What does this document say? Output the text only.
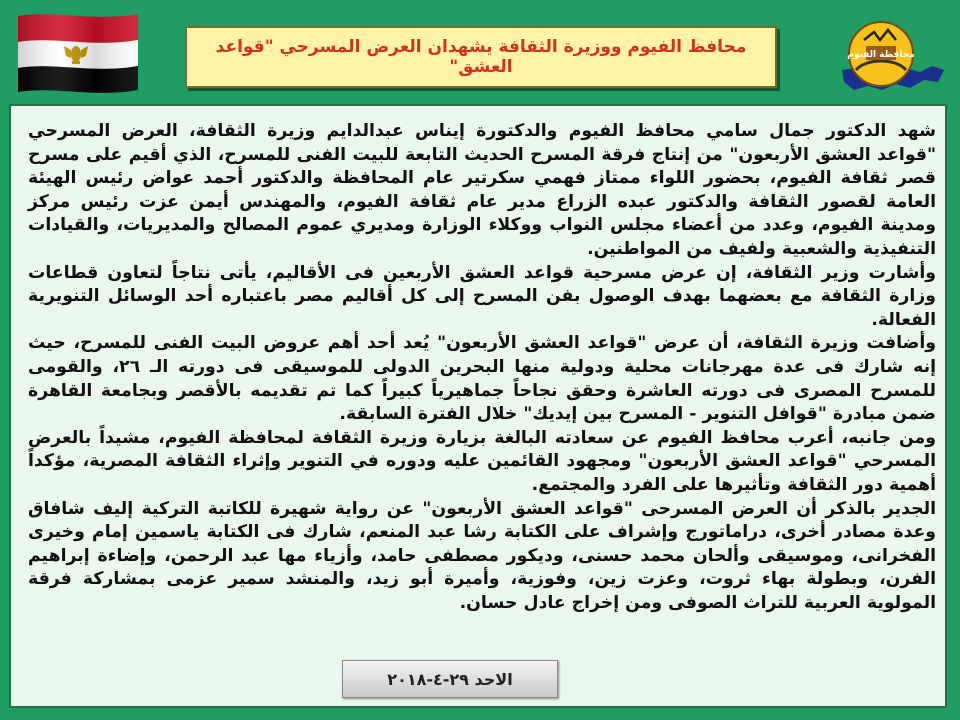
محافظ الفيوم ووزيرة الثقافة يشهدان العرض المسرحي "قواعد العشق"
محافظة الفيوم

شهد الدكتور جمال سامي محافظ الفيوم والدكتورة إيناس عبدالدايم وزيرة الثقافة، العرض المسرحي "قواعد العشق الأربعون" من إنتاج فرقة المسرح الحديث التابعة للبيت الفنى للمسرح، الذي أقيم على مسرح قصر ثقافة الفيوم، بحضور اللواء ممتاز فهمي سكرتير عام المحافظة والدكتور أحمد عواض رئيس الهيئة العامة لقصور الثقافة والدكتور عبده الزراع مدير عام ثقافة الفيوم، والمهندس أيمن عزت رئيس مركز ومدينة الفيوم، وعدد من أعضاء مجلس النواب ووكلاء الوزارة ومديري عموم المصالح والمديريات، والقيادات التنفيذية والشعبية ولفيف من المواطنين.

وأشارت وزير الثقافة، إن عرض مسرحية قواعد العشق الأربعين فى الأقاليم، يأتى نتاجاً لتعاون قطاعات وزارة الثقافة مع بعضهما بهدف الوصول بفن المسرح إلى كل أقاليم مصر باعتباره أحد الوسائل التنويرية الفعالة.

وأضافت وزيرة الثقافة، أن عرض "قواعد العشق الأربعون" يُعد أحد أهم عروض البيت الفنى للمسرح، حيث إنه شارك فى عدة مهرجانات محلية ودولية منها البحرين الدولى للموسيقى فى دورته الـ ٢٦، والقومى للمسرح المصرى فى دورته العاشرة وحقق نجاحاً جماهيرياً كبيراً كما تم تقديمه بالأقصر وبجامعة القاهرة ضمن مبادرة "قوافل التنوير - المسرح بين إيديك" خلال الفترة السابقة.

ومن جانبه، أعرب محافظ الفيوم عن سعادته البالغة بزيارة وزيرة الثقافة لمحافظة الفيوم، مشيداً بالعرض المسرحي "قواعد العشق الأربعون" ومجهود القائمين عليه ودوره في التنوير وإثراء الثقافة المصرية، مؤكداً أهمية دور الثقافة وتأثيرها على الفرد والمجتمع.

الجدير بالذكر أن العرض المسرحى "قواعد العشق الأربعون" عن رواية شهيرة للكاتبة التركية إليف شافاق وعدة مصادر أخرى، دراماتورج وإشراف على الكتابة رشا عبد المنعم، شارك فى الكتابة ياسمين إمام وخيرى الفخرانى، وموسيقى وألحان محمد حسنى، وديكور مصطفى حامد، وأزياء مها عبد الرحمن، وإضاءة إبراهيم الفرن، وبطولة بهاء ثروت، وعزت زين، وفوزية، وأميرة أبو زيد، والمنشد سمير عزمى بمشاركة فرقة المولوية العربية للتراث الصوفى ومن إخراج عادل حسان.

الاحد ٢٩-٤-٢٠١٨
